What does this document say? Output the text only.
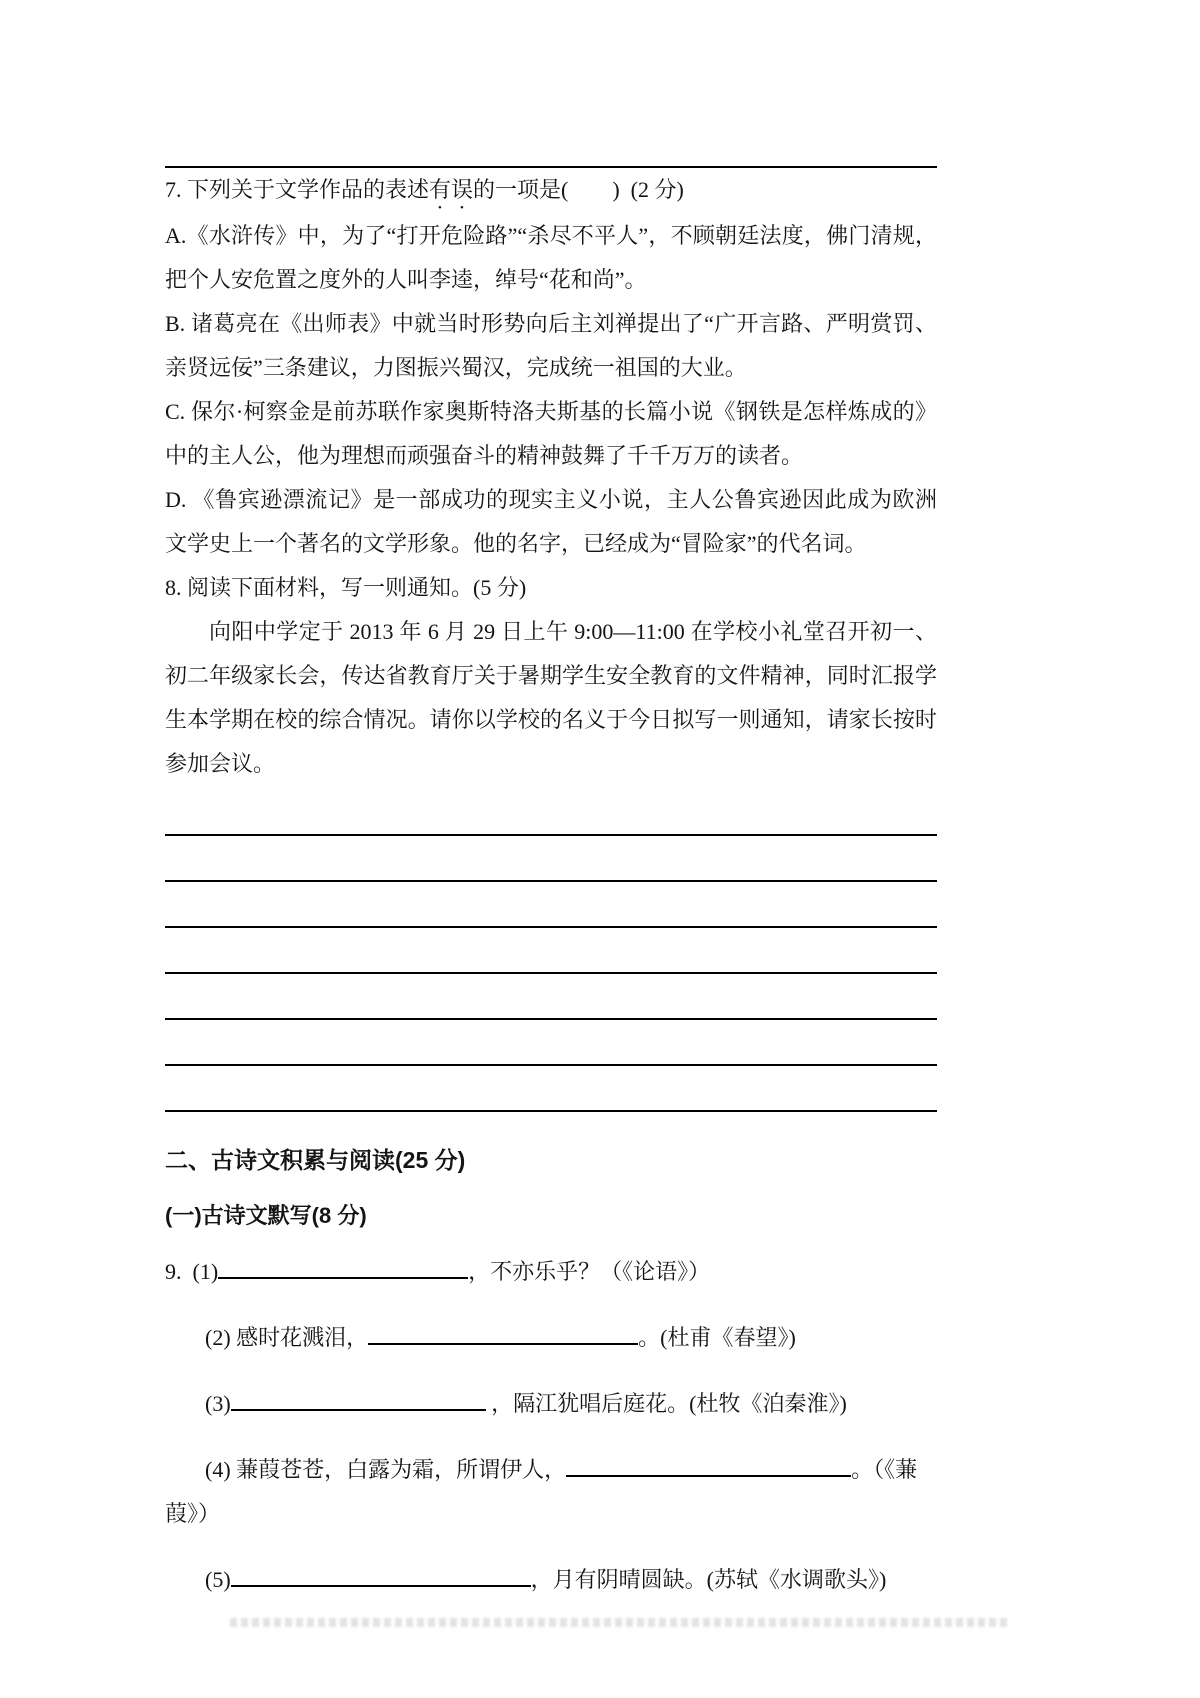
7. 下列关于文学作品的表述有误的一项是(        )  (2 分)

A.《水浒传》中，为了“打开危险路”“杀尽不平人”，不顾朝廷法度，佛门清规，把个人安危置之度外的人叫李逵，绰号“花和尚”。

B. 诸葛亮在《出师表》中就当时形势向后主刘禅提出了“广开言路、严明赏罚、亲贤远佞”三条建议，力图振兴蜀汉，完成统一祖国的大业。

C. 保尔·柯察金是前苏联作家奥斯特洛夫斯基的长篇小说《钢铁是怎样炼成的》中的主人公，他为理想而顽强奋斗的精神鼓舞了千千万万的读者。

D. 《鲁宾逊漂流记》是一部成功的现实主义小说，主人公鲁宾逊因此成为欧洲文学史上一个著名的文学形象。他的名字，已经成为“冒险家”的代名词。

8. 阅读下面材料，写一则通知。(5 分)

向阳中学定于 2013 年 6 月 29 日上午 9:00—11:00 在学校小礼堂召开初一、初二年级家长会，传达省教育厅关于暑期学生安全教育的文件精神，同时汇报学生本学期在校的综合情况。请你以学校的名义于今日拟写一则通知，请家长按时参加会议。

二、古诗文积累与阅读(25 分)

(一)古诗文默写(8 分)

9.  (1)	，不亦乐乎？（《论语》）

(2) 感时花溅泪，	。(杜甫《春望》)

(3)	，隔江犹唱后庭花。(杜牧《泊秦淮》)

(4) 蒹葭苍苍，白露为霜，所谓伊人，	。（《蒹葭》）

(5)	，月有阴晴圆缺。(苏轼《水调歌头》)
